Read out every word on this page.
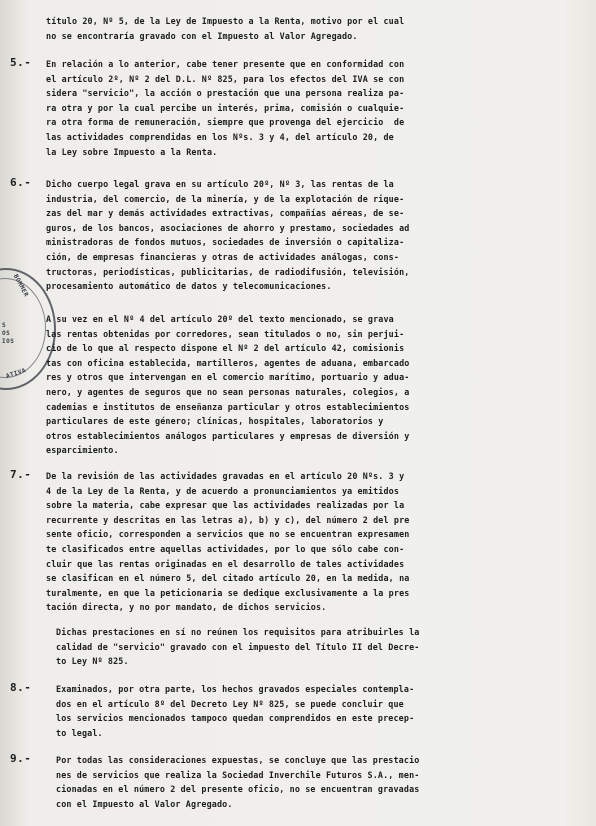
BOMMER
S
OS
IOS
ATIVA
título 20, Nº 5, de la Ley de Impuesto a la Renta, motivo por el cual
no se encontraría gravado con el Impuesto al Valor Agregado.
5.- En relación a lo anterior, cabe tener presente que en conformidad con
el artículo 2º, Nº 2 del D.L. Nº 825, para los efectos del IVA se con
sidera "servicio", la acción o prestación que una persona realiza pa-
ra otra y por la cual percibe un interés, prima, comisión o cualquie-
ra otra forma de remuneración, siempre que provenga del ejercicio  de
las actividades comprendidas en los Nºs. 3 y 4, del artículo 20, de
la Ley sobre Impuesto a la Renta.
6.- Dicho cuerpo legal grava en su artículo 20º, Nº 3, las rentas de la
industria, del comercio, de la minería, y de la explotación de rique-
zas del mar y demás actividades extractivas, compañías aéreas, de se-
guros, de los bancos, asociaciones de ahorro y prestamo, sociedades ad
ministradoras de fondos mutuos, sociedades de inversión o capitaliza-
ción, de empresas financieras y otras de actividades análogas, cons-
tructoras, periodísticas, publicitarias, de radiodifusión, televisión,
procesamiento automático de datos y telecomunicaciones.
A su vez en el Nº 4 del artículo 20º del texto mencionado, se grava
las rentas obtenidas por corredores, sean titulados o no, sin perjui-
cio de lo que al respecto dispone el Nº 2 del artículo 42, comisionis
tas con oficina establecida, martilleros, agentes de aduana, embarcado
res y otros que intervengan en el comercio marítimo, portuario y adua-
nero, y agentes de seguros que no sean personas naturales, colegios, a
cademias e institutos de enseñanza particular y otros establecimientos
particulares de este género; clínicas, hospitales, laboratorios y
otros establecimientos análogos particulares y empresas de diversión y
esparcimiento.
7.- De la revisión de las actividades gravadas en el artículo 20 Nºs. 3 y
4 de la Ley de la Renta, y de acuerdo a pronunciamientos ya emitidos
sobre la materia, cabe expresar que las actividades realizadas por la
recurrente y descritas en las letras a), b) y c), del número 2 del pre
sente oficio, corresponden a servicios que no se encuentran expresamen
te clasificados entre aquellas actividades, por lo que sólo cabe con-
cluir que las rentas originadas en el desarrollo de tales actividades
se clasifican en el número 5, del citado artículo 20, en la medida, na
turalmente, en que la peticionaria se dedique exclusivamente a la pres
tación directa, y no por mandato, de dichos servicios.
Dichas prestaciones en sí no reúnen los requisitos para atribuirles la
calidad de "servicio" gravado con el impuesto del Título II del Decre-
to Ley Nº 825.
8.-	Examinados, por otra parte, los hechos gravados especiales contempla-
dos en el artículo 8º del Decreto Ley Nº 825, se puede concluir que
los servicios mencionados tampoco quedan comprendidos en este precep-
to legal.
9.-	Por todas las consideraciones expuestas, se concluye que las prestacio
nes de servicios que realiza la Sociedad Inverchile Futuros S.A., men-
cionadas en el número 2 del presente oficio, no se encuentran gravadas
con el Impuesto al Valor Agregado.
